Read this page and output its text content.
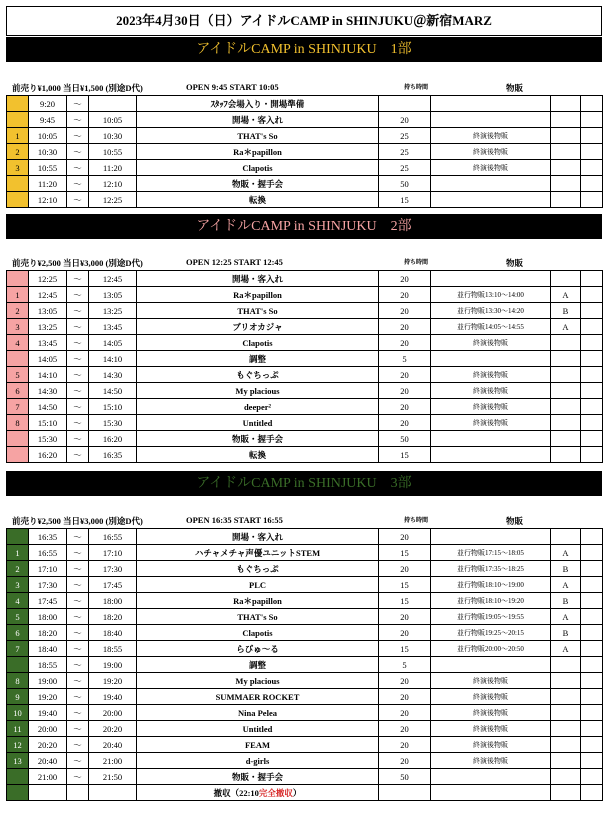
2023年4月30日（日）アイドルCAMP in SHINJUKU＠新宿MARZ
アイドルCAMP in SHINJUKU　1部
前売り¥1,000 当日¥1,500 (別途D代)	OPEN 9:45 START 10:05	持ち時間	物販
	9:20	～		ｽﾀｯﾌ会場入り・開場準備				
	9:45	～	10:05	開場・客入れ	20			
1	10:05	～	10:30	THAT's So	25	終演後物販		
2	10:30	～	10:55	Ra＊papillon	25	終演後物販		
3	10:55	～	11:20	Clapotis	25	終演後物販		
	11:20	～	12:10	物販・握手会	50			
	12:10	～	12:25	転換	15			
アイドルCAMP in SHINJUKU　2部
前売り¥2,500 当日¥3,000 (別途D代)	OPEN 12:25 START 12:45	持ち時間	物販
	12:25	～	12:45	開場・客入れ	20			
1	12:45	～	13:05	Ra＊papillon	20	並行物販13:10～14:00	A	
2	13:05	～	13:25	THAT's So	20	並行物販13:30～14:20	B	
3	13:25	～	13:45	ブリオカジャ	20	並行物販14:05～14:55	A	
4	13:45	～	14:05	Clapotis	20	終演後物販		
	14:05	～	14:10	調整	5			
5	14:10	～	14:30	もぐちっぷ	20	終演後物販		
6	14:30	～	14:50	My placious	20	終演後物販		
7	14:50	～	15:10	deeper²	20	終演後物販		
8	15:10	～	15:30	Untitled	20	終演後物販		
	15:30	～	16:20	物販・握手会	50			
	16:20	～	16:35	転換	15			
アイドルCAMP in SHINJUKU　3部
前売り¥2,500 当日¥3,000 (別途D代)	OPEN 16:35 START 16:55	持ち時間	物販
	16:35	～	16:55	開場・客入れ	20			
1	16:55	～	17:10	ハチャメチャ声優ユニットSTEM	15	並行物販17:15～18:05	A	
2	17:10	～	17:30	もぐちっぷ	20	並行物販17:35～18:25	B	
3	17:30	～	17:45	PLC	15	並行物販18:10～19:00	A	
4	17:45	～	18:00	Ra＊papillon	15	並行物販18:10～19:20	B	
5	18:00	～	18:20	THAT's So	20	並行物販19:05～19:55	A	
6	18:20	～	18:40	Clapotis	20	並行物販19:25～20:15	B	
7	18:40	～	18:55	らびゅ～る	15	並行物販20:00～20:50	A	
	18:55	～	19:00	調整	5			
8	19:00	～	19:20	My placious	20	終演後物販		
9	19:20	～	19:40	SUMMAER ROCKET	20	終演後物販		
10	19:40	～	20:00	Nina Pelea	20	終演後物販		
11	20:00	～	20:20	Untitled	20	終演後物販		
12	20:20	～	20:40	FEAM	20	終演後物販		
13	20:40	～	21:00	d-girls	20	終演後物販		
	21:00	～	21:50	物販・握手会	50			
				撤収（22:10完全撤収）				
